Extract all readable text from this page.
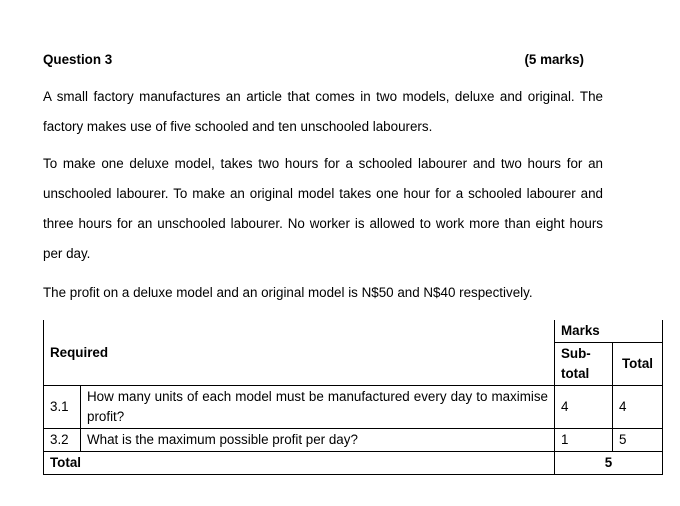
Question 3	(5 marks)
A small factory manufactures an article that comes in two models, deluxe and original. The factory makes use of five schooled and ten unschooled labourers.
To make one deluxe model, takes two hours for a schooled labourer and two hours for an unschooled labourer. To make an original model takes one hour for a schooled labourer and three hours for an unschooled labourer. No worker is allowed to work more than eight hours per day.
The profit on a deluxe model and an original model is N$50 and N$40 respectively.
Required		Marks	
		Sub-total	Total
3.1	How many units of each model must be manufactured every day to maximise profit?	4	4
3.2	What is the maximum possible profit per day?	1	5
Total		5	
